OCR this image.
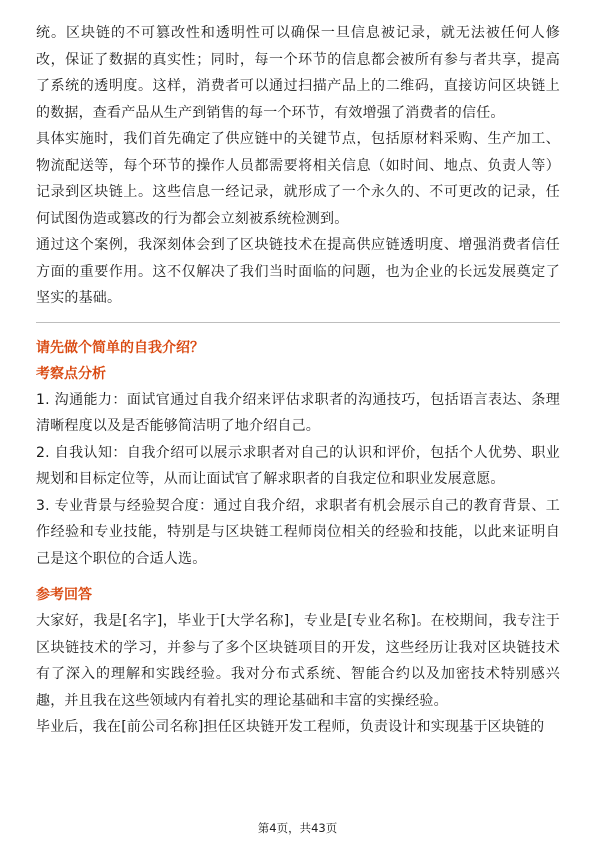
统。区块链的不可篡改性和透明性可以确保一旦信息被记录，就无法被任何人修改，保证了数据的真实性；同时，每一个环节的信息都会被所有参与者共享，提高了系统的透明度。这样，消费者可以通过扫描产品上的二维码，直接访问区块链上的数据，查看产品从生产到销售的每一个环节，有效增强了消费者的信任。

具体实施时，我们首先确定了供应链中的关键节点，包括原材料采购、生产加工、物流配送等，每个环节的操作人员都需要将相关信息（如时间、地点、负责人等）记录到区块链上。这些信息一经记录，就形成了一个永久的、不可更改的记录，任何试图伪造或篡改的行为都会立刻被系统检测到。

通过这个案例，我深刻体会到了区块链技术在提高供应链透明度、增强消费者信任方面的重要作用。这不仅解决了我们当时面临的问题，也为企业的长远发展奠定了坚实的基础。

请先做个简单的自我介绍？

考察点分析

1. 沟通能力：面试官通过自我介绍来评估求职者的沟通技巧，包括语言表达、条理清晰程度以及是否能够简洁明了地介绍自己。

2. 自我认知：自我介绍可以展示求职者对自己的认识和评价，包括个人优势、职业规划和目标定位等，从而让面试官了解求职者的自我定位和职业发展意愿。

3. 专业背景与经验契合度：通过自我介绍，求职者有机会展示自己的教育背景、工作经验和专业技能，特别是与区块链工程师岗位相关的经验和技能，以此来证明自己是这个职位的合适人选。

参考回答

大家好，我是[名字]，毕业于[大学名称]，专业是[专业名称]。在校期间，我专注于区块链技术的学习，并参与了多个区块链项目的开发，这些经历让我对区块链技术有了深入的理解和实践经验。我对分布式系统、智能合约以及加密技术特别感兴趣，并且我在这些领域内有着扎实的理论基础和丰富的实操经验。

毕业后，我在[前公司名称]担任区块链开发工程师，负责设计和实现基于区块链的

第4页，共43页
